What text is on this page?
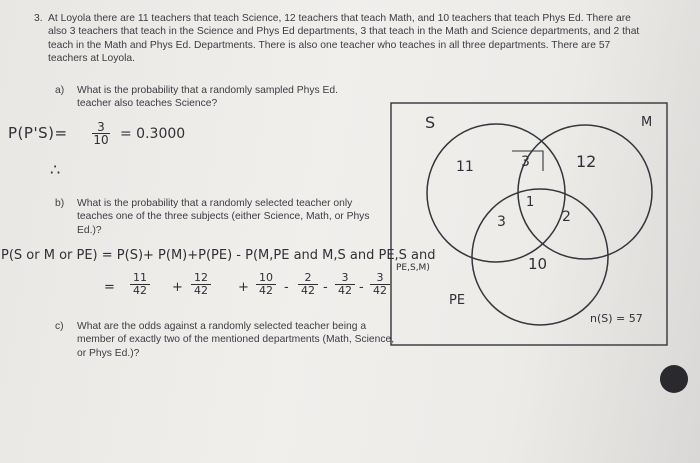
3. At Loyola there are 11 teachers that teach Science, 12 teachers that teach Math, and 10 teachers that teach Phys Ed. There are also 3 teachers that teach in the Science and Phys Ed departments, 3 that teach in the Math and Science departments, and 2 that teach in the Math and Phys Ed. Departments. There is also one teacher who teaches in all three departments. There are 57 teachers at Loyola.
a) What is the probability that a randomly sampled Phys Ed. teacher also teaches Science?
$P(P'S)= \frac{3}{10} = 0.3000$
∴
b) What is the probability that a randomly selected teacher only teaches one of the three subjects (either Science, Math, or Phys Ed.)?
P(S or M or PE) = P(S)+ P(M)+P(PE) - P(M,PE and M,S and PE,S and
PE,S,M)
= $\frac{11}{42} + \frac{12}{42} + \frac{10}{42} - \frac{2}{42} - \frac{3}{42} - \frac{3}{42}$
c) What are the odds against a randomly selected teacher being a member of exactly two of the mentioned departments (Math, Science, or Phys Ed.)?
S	M
PE
11	3	12
3
1
2
10
n(S) = 57
